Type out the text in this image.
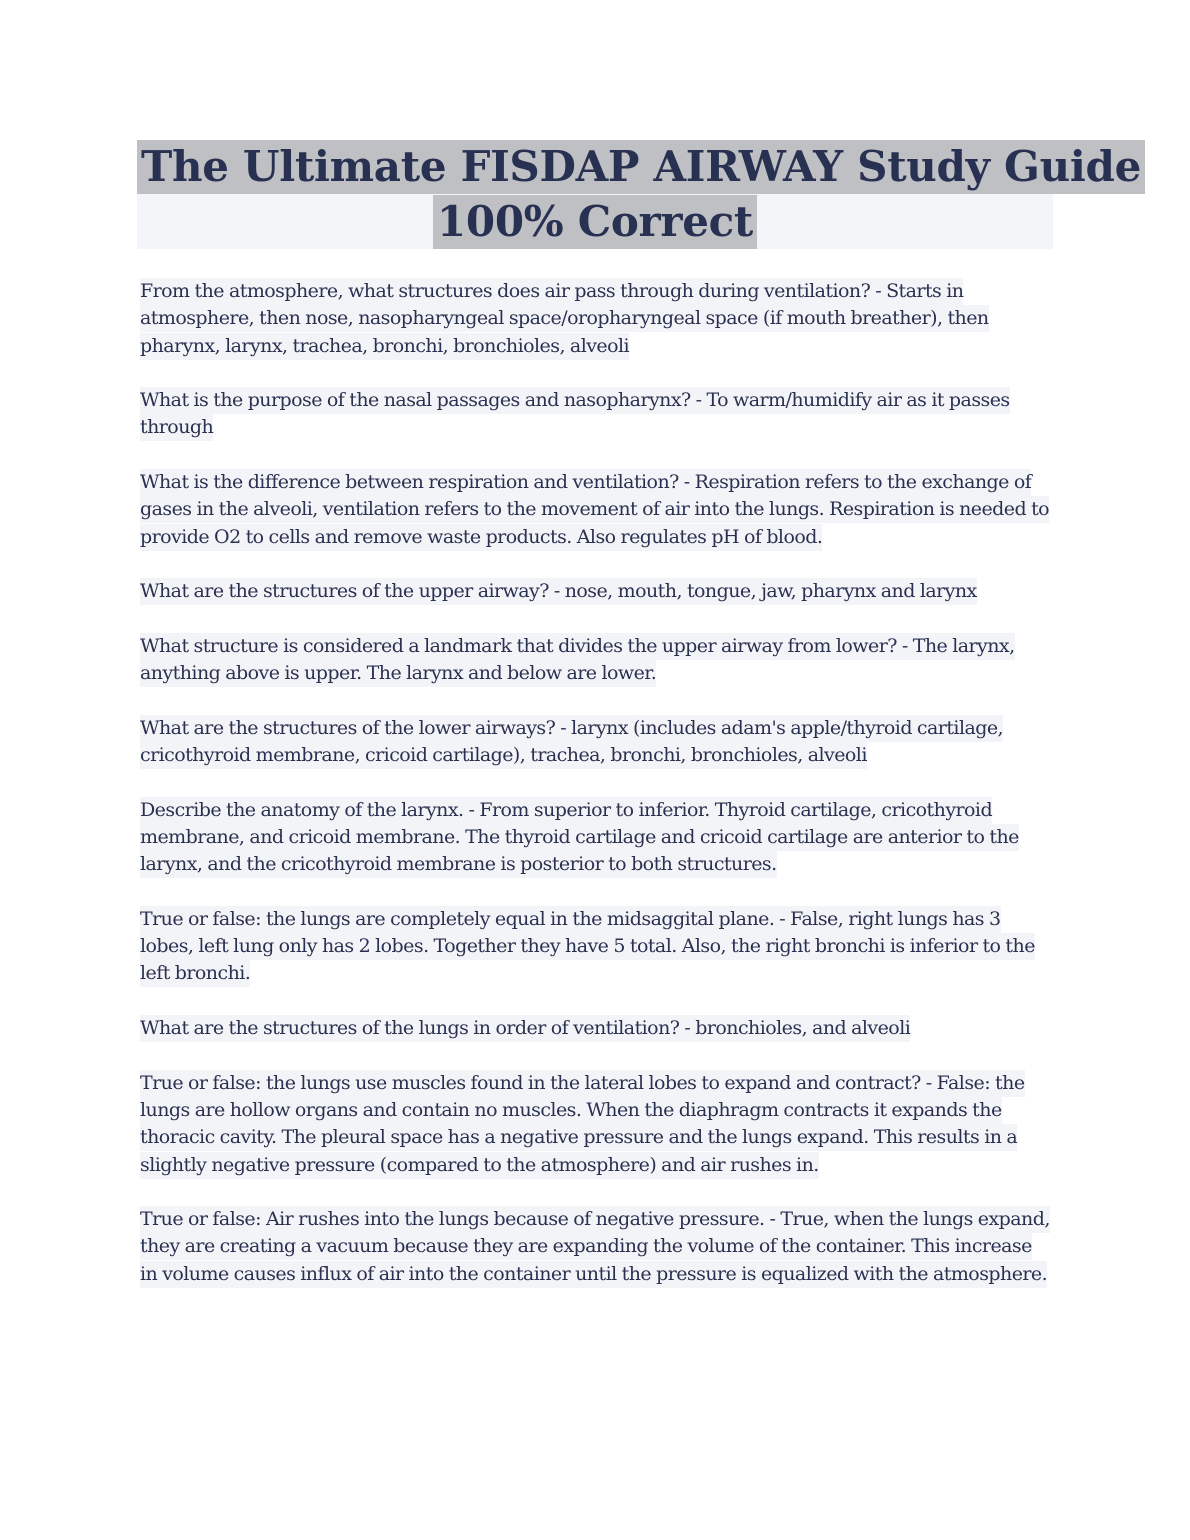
The Ultimate FISDAP AIRWAY Study Guide
100% Correct

From the atmosphere, what structures does air pass through during ventilation? - Starts in atmosphere, then nose, nasopharyngeal space/oropharyngeal space (if mouth breather), then pharynx, larynx, trachea, bronchi, bronchioles, alveoli

What is the purpose of the nasal passages and nasopharynx? - To warm/humidify air as it passes through

What is the difference between respiration and ventilation? - Respiration refers to the exchange of gases in the alveoli, ventilation refers to the movement of air into the lungs. Respiration is needed to provide O2 to cells and remove waste products. Also regulates pH of blood.

What are the structures of the upper airway? - nose, mouth, tongue, jaw, pharynx and larynx

What structure is considered a landmark that divides the upper airway from lower? - The larynx, anything above is upper. The larynx and below are lower.

What are the structures of the lower airways? - larynx (includes adam's apple/thyroid cartilage, cricothyroid membrane, cricoid cartilage), trachea, bronchi, bronchioles, alveoli

Describe the anatomy of the larynx. - From superior to inferior. Thyroid cartilage, cricothyroid membrane, and cricoid membrane. The thyroid cartilage and cricoid cartilage are anterior to the larynx, and the cricothyroid membrane is posterior to both structures.

True or false: the lungs are completely equal in the midsaggital plane. - False, right lungs has 3 lobes, left lung only has 2 lobes. Together they have 5 total. Also, the right bronchi is inferior to the left bronchi.

What are the structures of the lungs in order of ventilation? - bronchioles, and alveoli

True or false: the lungs use muscles found in the lateral lobes to expand and contract? - False: the lungs are hollow organs and contain no muscles. When the diaphragm contracts it expands the thoracic cavity. The pleural space has a negative pressure and the lungs expand. This results in a slightly negative pressure (compared to the atmosphere) and air rushes in.

True or false: Air rushes into the lungs because of negative pressure. - True, when the lungs expand, they are creating a vacuum because they are expanding the volume of the container. This increase in volume causes influx of air into the container until the pressure is equalized with the atmosphere.
